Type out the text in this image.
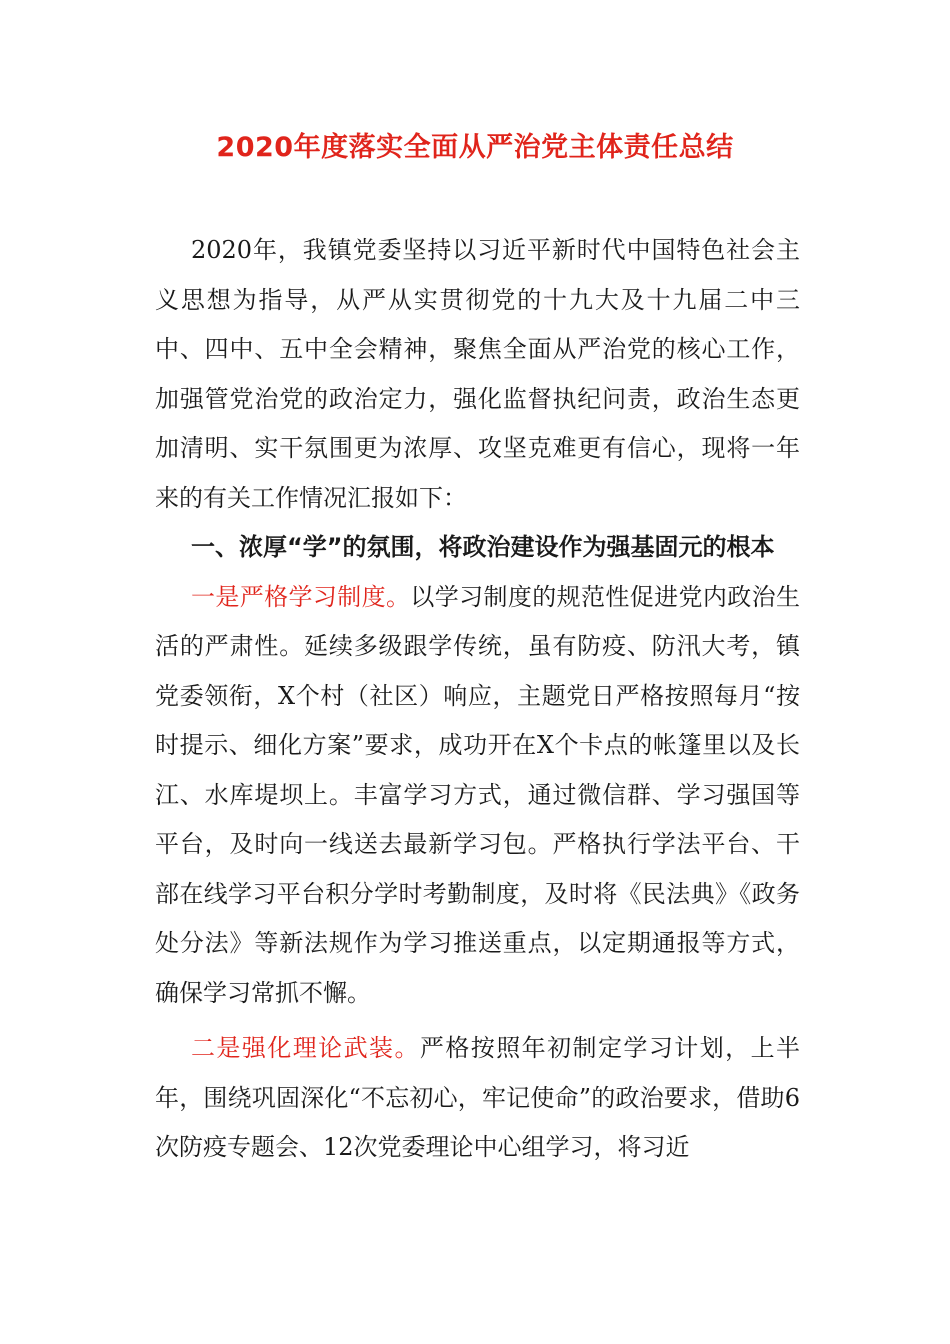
2020年度落实全面从严治党主体责任总结

2020年，我镇党委坚持以习近平新时代中国特色社会主义思想为指导，从严从实贯彻党的十九大及十九届二中三中、四中、五中全会精神，聚焦全面从严治党的核心工作，加强管党治党的政治定力，强化监督执纪问责，政治生态更加清明、实干氛围更为浓厚、攻坚克难更有信心，现将一年来的有关工作情况汇报如下：

一、浓厚“学”的氛围，将政治建设作为强基固元的根本

一是严格学习制度。以学习制度的规范性促进党内政治生活的严肃性。延续多级跟学传统，虽有防疫、防汛大考，镇党委领衔，X个村（社区）响应，主题党日严格按照每月“按时提示、细化方案”要求，成功开在X个卡点的帐篷里以及长江、水库堤坝上。丰富学习方式，通过微信群、学习强国等平台，及时向一线送去最新学习包。严格执行学法平台、干部在线学习平台积分学时考勤制度，及时将《民法典》《政务处分法》等新法规作为学习推送重点，以定期通报等方式，确保学习常抓不懈。

二是强化理论武装。严格按照年初制定学习计划，上半年，围绕巩固深化“不忘初心，牢记使命”的政治要求，借助6次防疫专题会、12次党委理论中心组学习，将习近
